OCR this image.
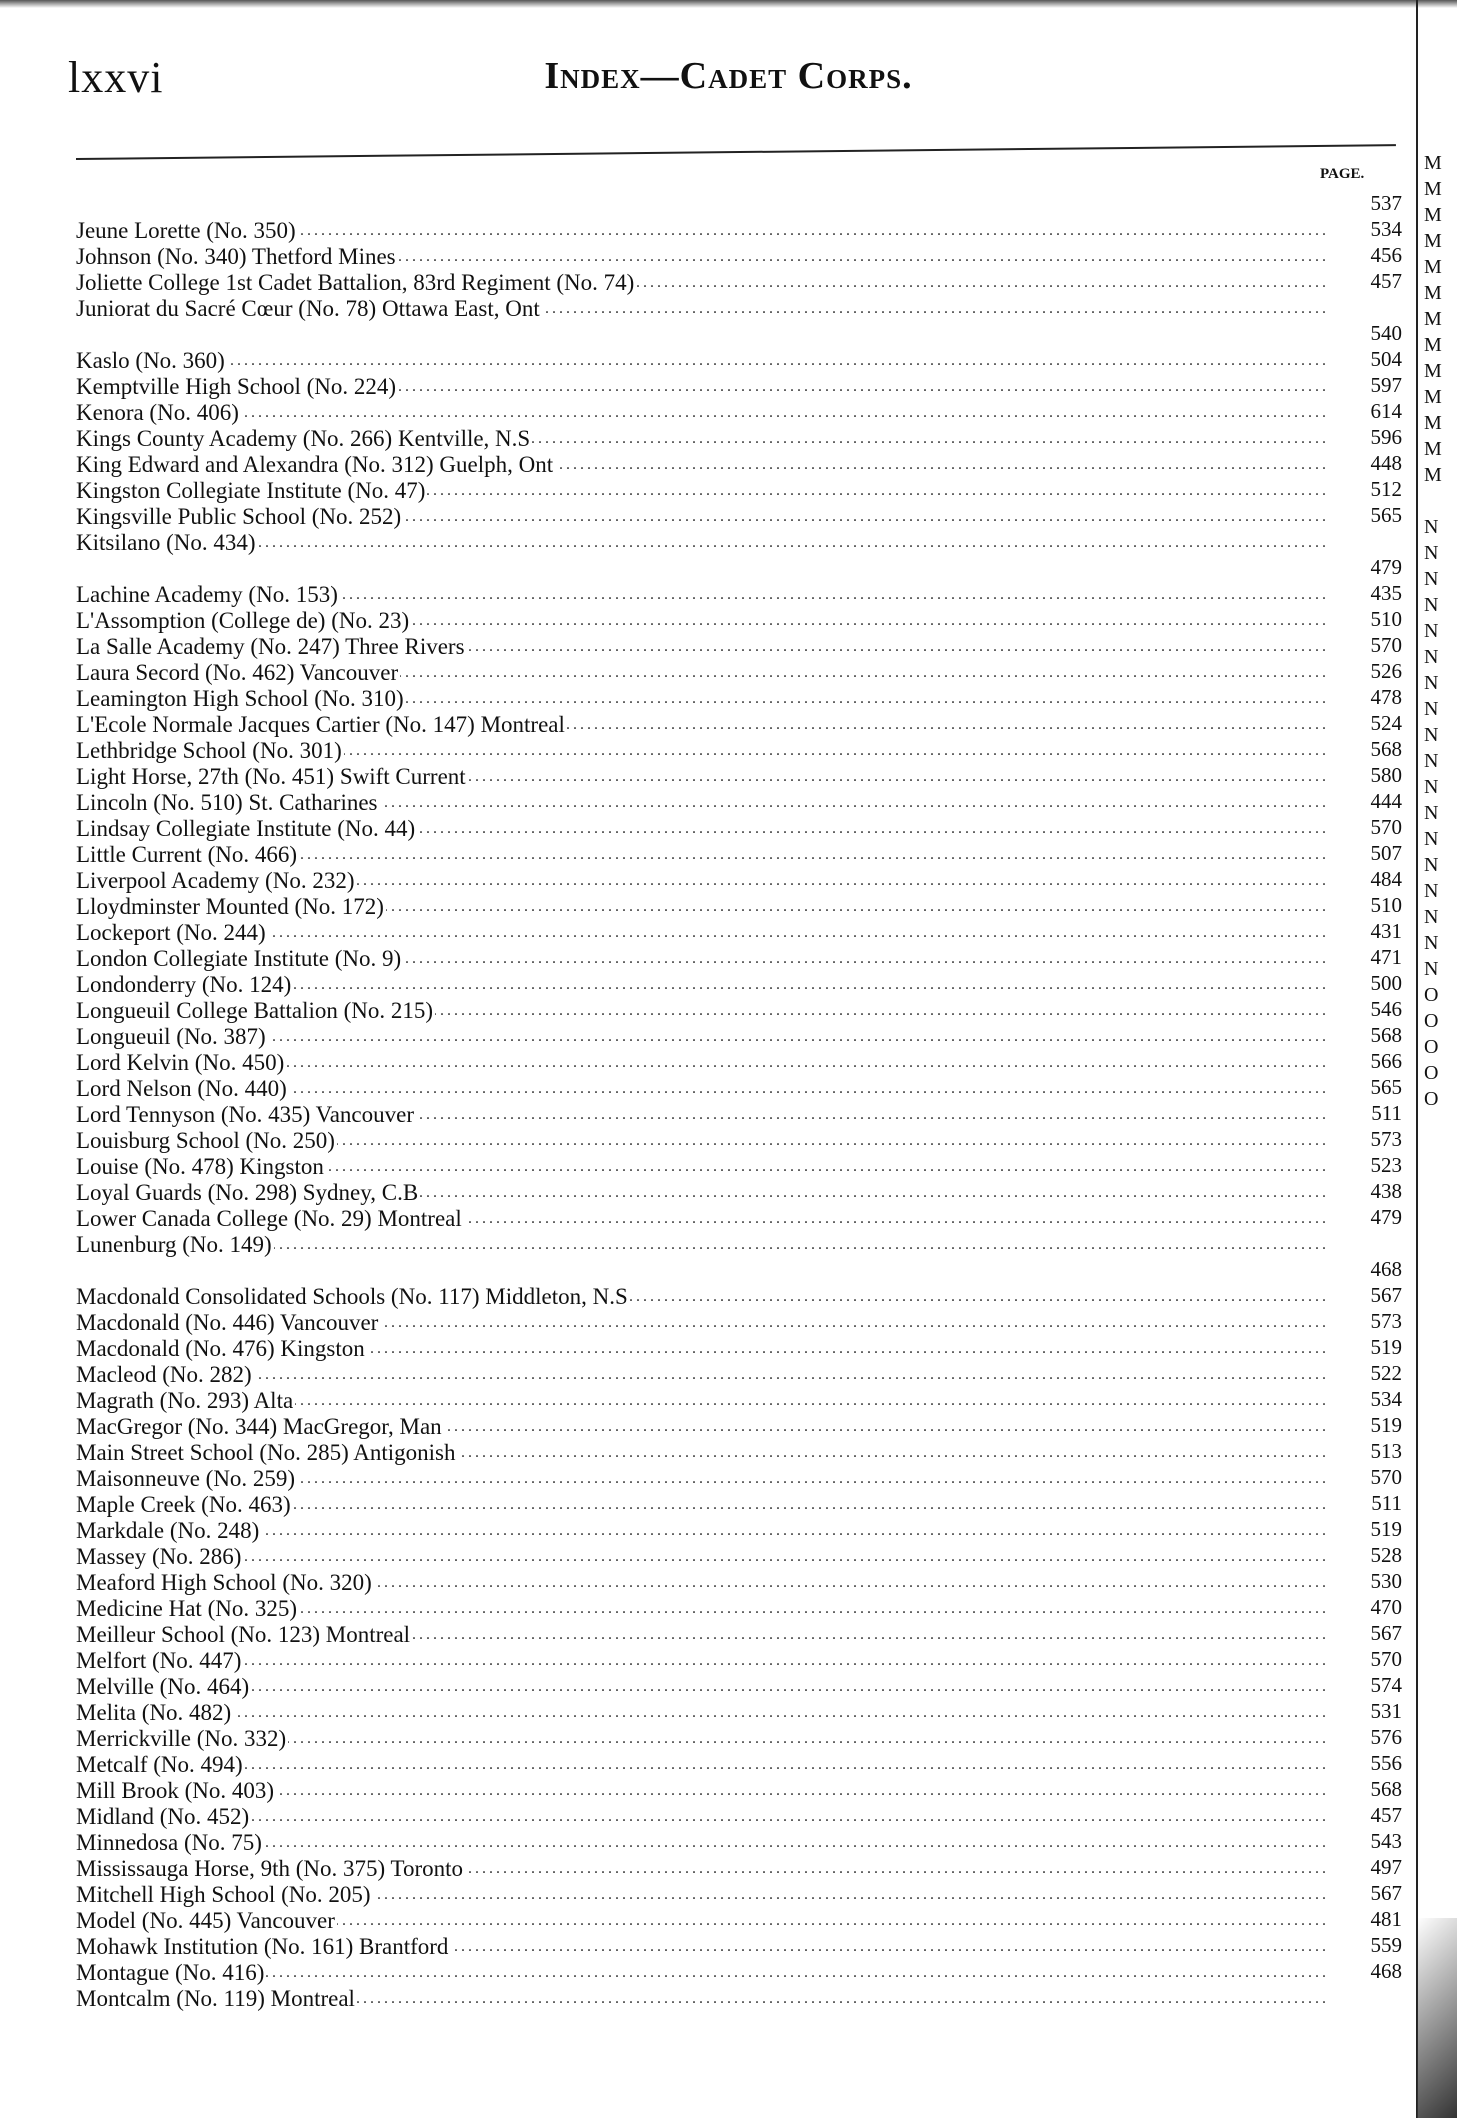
lxxvi	Index—Cadet Corps.
PAGE.
Jeune Lorette (No. 350) .....
Johnson (No. 340) Thetford Mines .....
Joliette College 1st Cadet Battalion, 83rd Regiment (No. 74) .....
Juniorat du Sacré Cœur (No. 78) Ottawa East, Ont .....
Kaslo (No. 360) .....
Kemptville High School (No. 224) .....
Kenora (No. 406) .....
Kings County Academy (No. 266) Kentville, N.S .....
King Edward and Alexandra (No. 312) Guelph, Ont .....
Kingston Collegiate Institute (No. 47) .....
Kingsville Public School (No. 252) .....
Kitsilano (No. 434) .....
Lachine Academy (No. 153) .....
L'Assomption (College de) (No. 23) .....
La Salle Academy (No. 247) Three Rivers .....
Laura Secord (No. 462) Vancouver .....
Leamington High School (No. 310) .....
L'Ecole Normale Jacques Cartier (No. 147) Montreal .....
Lethbridge School (No. 301) .....
Light Horse, 27th (No. 451) Swift Current .....
Lincoln (No. 510) St. Catharines .....
Lindsay Collegiate Institute (No. 44) .....
Little Current (No. 466) .....
Liverpool Academy (No. 232) .....
Lloydminster Mounted (No. 172) .....
Lockeport (No. 244) .....
London Collegiate Institute (No. 9) .....
Londonderry (No. 124) .....
Longueuil College Battalion (No. 215) .....
Longueuil (No. 387) .....
Lord Kelvin (No. 450) .....
Lord Nelson (No. 440) .....
Lord Tennyson (No. 435) Vancouver .....
Louisburg School (No. 250) .....
Louise (No. 478) Kingston .....
Loyal Guards (No. 298) Sydney, C.B .....
Lower Canada College (No. 29) Montreal .....
Lunenburg (No. 149) .....
Macdonald Consolidated Schools (No. 117) Middleton, N.S .....
Macdonald (No. 446) Vancouver .....
Macdonald (No. 476) Kingston .....
Macleod (No. 282) .....
Magrath (No. 293) Alta .....
MacGregor (No. 344) MacGregor, Man .....
Main Street School (No. 285) Antigonish .....
Maisonneuve (No. 259) .....
Maple Creek (No. 463) .....
Markdale (No. 248) .....
Massey (No. 286) .....
Meaford High School (No. 320) .....
Medicine Hat (No. 325) .....
Meilleur School (No. 123) Montreal .....
Melfort (No. 447) .....
Melville (No. 464) .....
Melita (No. 482) .....
Merrickville (No. 332) .....
Metcalf (No. 494) .....
Mill Brook (No. 403) .....
Midland (No. 452) .....
Minnedosa (No. 75) .....
Mississauga Horse, 9th (No. 375) Toronto .....
Mitchell High School (No. 205) .....
Model (No. 445) Vancouver .....
Mohawk Institution (No. 161) Brantford .....
Montague (No. 416) .....
Montcalm (No. 119) Montreal .....
537
534
456
457
540
504
597
614
596
448
512
565
479
435
510
570
526
478
524
568
580
444
570
507
484
510
431
471
500
546
568
566
565
511
573
523
438
479
468
567
573
519
522
534
519
513
570
511
519
528
530
470
567
570
574
531
576
556
568
457
543
497
567
481
559
468
M
M
M
M
M
M
M
M
M
M
M
M
M
N
N
N
N
N
N
N
N
N
N
N
N
N
N
N
N
N
N
O
O
O
O
O
